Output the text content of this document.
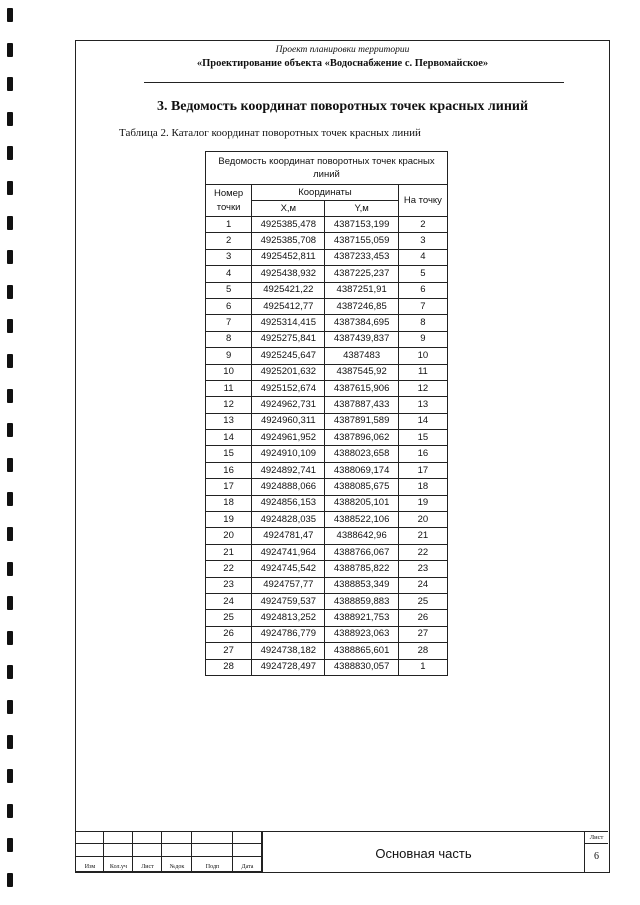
Проект планировки территории
«Проектирование объекта «Водоснабжение с. Первомайское»
3. Ведомость координат поворотных точек красных линий
Таблица 2. Каталог координат поворотных точек красных линий
Ведомость координат поворотных точек красных линий			
Номер точки	Координаты		На точку
	X,м	Y,м	
1	4925385,478	4387153,199	2
2	4925385,708	4387155,059	3
3	4925452,811	4387233,453	4
4	4925438,932	4387225,237	5
5	4925421,22	4387251,91	6
6	4925412,77	4387246,85	7
7	4925314,415	4387384,695	8
8	4925275,841	4387439,837	9
9	4925245,647	4387483	10
10	4925201,632	4387545,92	11
11	4925152,674	4387615,906	12
12	4924962,731	4387887,433	13
13	4924960,311	4387891,589	14
14	4924961,952	4387896,062	15
15	4924910,109	4388023,658	16
16	4924892,741	4388069,174	17
17	4924888,066	4388085,675	18
18	4924856,153	4388205,101	19
19	4924828,035	4388522,106	20
20	4924781,47	4388642,96	21
21	4924741,964	4388766,067	22
22	4924745,542	4388785,822	23
23	4924757,77	4388853,349	24
24	4924759,537	4388859,883	25
25	4924813,252	4388921,753	26
26	4924786,779	4388923,063	27
27	4924738,182	4388865,601	28
28	4924728,497	4388830,057	1
Изм	Кол.уч	Лист	№док	Подп	Дата
Основная часть
Лист
6
